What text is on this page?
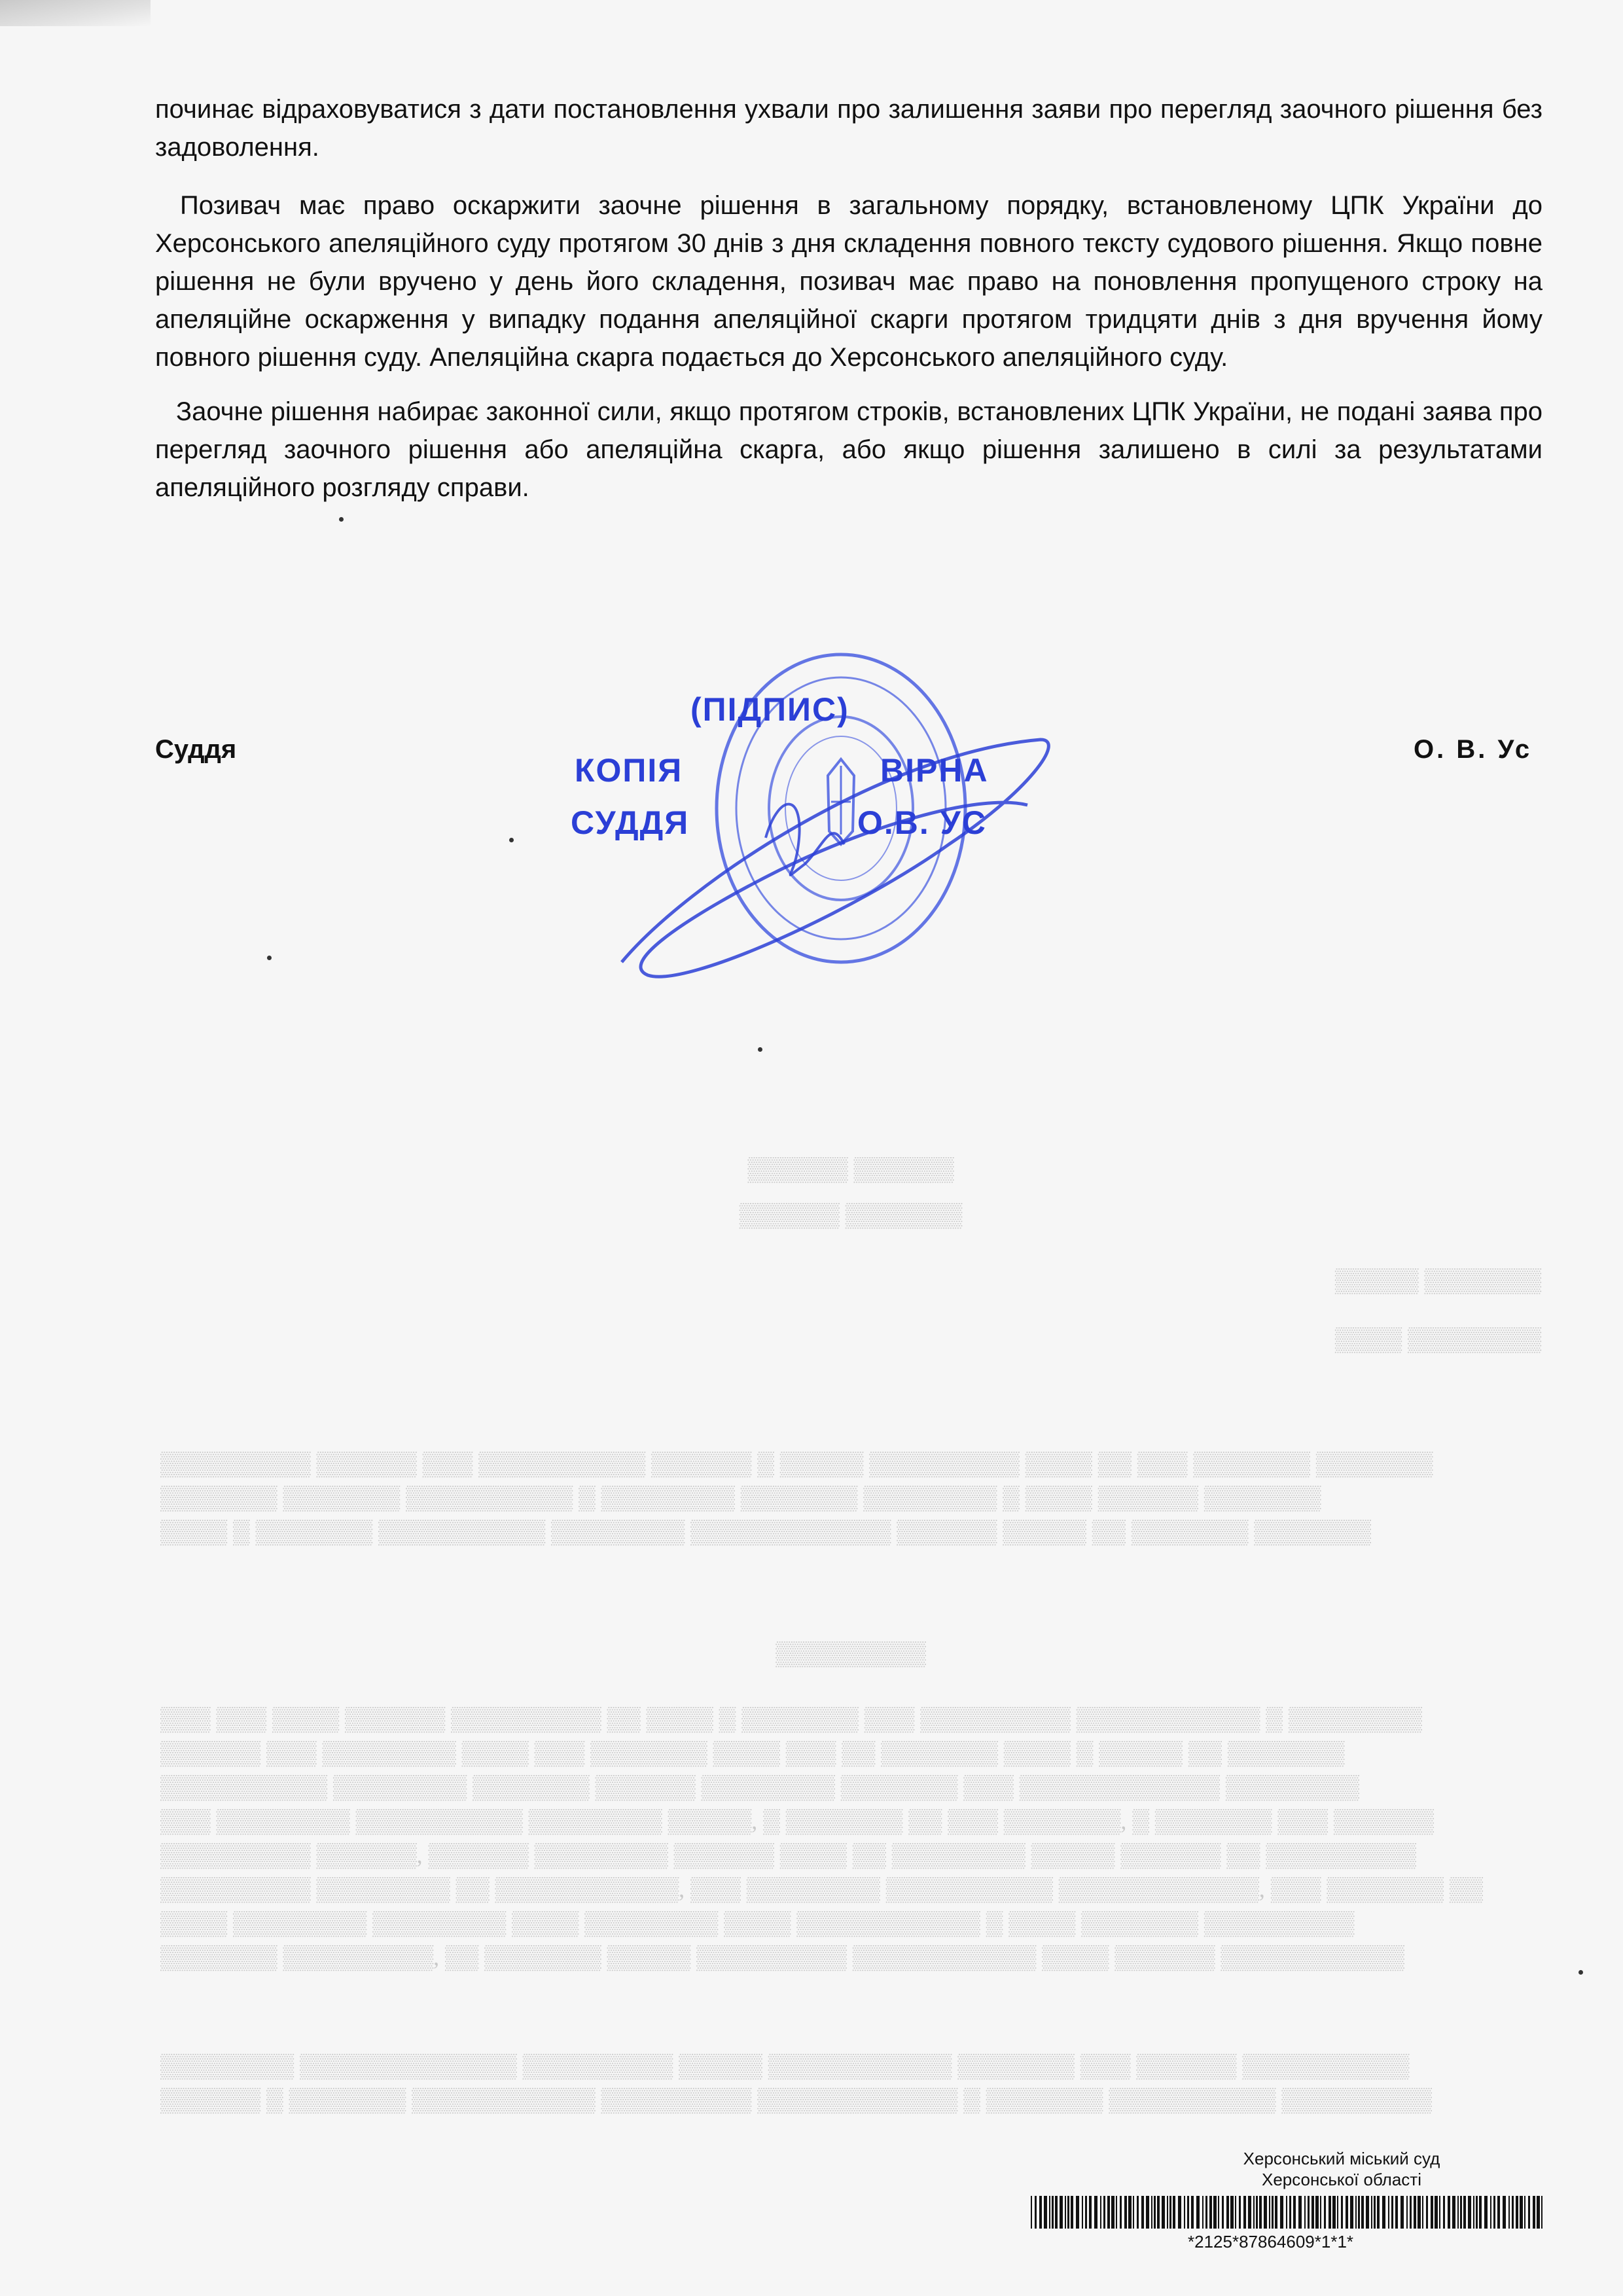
▒▒▒▒▒▒ ▒▒▒▒▒▒

▒▒▒▒▒▒ ▒▒▒▒▒▒▒

▒▒▒▒▒ ▒▒▒▒▒▒▒

▒▒▒▒ ▒▒▒▒▒▒▒▒

▒▒▒▒▒▒▒▒▒ ▒▒▒▒▒▒ ▒▒▒ ▒▒▒▒▒▒▒▒▒▒ ▒▒▒▒▒▒ ▒ ▒▒▒▒▒ ▒▒▒▒▒▒▒▒▒ ▒▒▒▒ ▒▒ ▒▒▒ ▒▒▒▒▒▒▒ ▒▒▒▒▒▒▒

▒▒▒▒▒▒▒ ▒▒▒▒▒▒▒ ▒▒▒▒▒▒▒▒▒▒ ▒ ▒▒▒▒▒▒▒▒ ▒▒▒▒▒▒▒ ▒▒▒▒▒▒▒▒ ▒ ▒▒▒▒ ▒▒▒▒▒▒ ▒▒▒▒▒▒▒

▒▒▒▒ ▒ ▒▒▒▒▒▒▒ ▒▒▒▒▒▒▒▒▒▒ ▒▒▒▒▒▒▒▒ ▒▒▒▒▒▒▒▒▒▒▒▒ ▒▒▒▒▒▒ ▒▒▒▒▒ ▒▒ ▒▒▒▒▒▒▒ ▒▒▒▒▒▒▒

▒▒▒▒▒▒▒▒▒

▒▒▒ ▒▒▒ ▒▒▒▒ ▒▒▒▒▒▒ ▒▒▒▒▒▒▒▒▒ ▒▒ ▒▒▒▒ ▒ ▒▒▒▒▒▒▒ ▒▒▒ ▒▒▒▒▒▒▒▒▒ ▒▒▒▒▒▒▒▒▒▒▒ ▒ ▒▒▒▒▒▒▒▒

▒▒▒▒▒▒ ▒▒▒ ▒▒▒▒▒▒▒▒ ▒▒▒▒ ▒▒▒ ▒▒▒▒▒▒▒ ▒▒▒▒ ▒▒▒ ▒▒ ▒▒▒▒▒▒▒ ▒▒▒▒ ▒ ▒▒▒▒▒ ▒▒ ▒▒▒▒▒▒▒

▒▒▒▒▒▒▒▒▒▒ ▒▒▒▒▒▒▒▒ ▒▒▒▒▒▒▒ ▒▒▒▒▒▒ ▒▒▒▒▒▒▒▒ ▒▒▒▒▒▒▒ ▒▒▒ ▒▒▒▒▒▒▒▒▒▒▒▒ ▒▒▒▒▒▒▒▒

▒▒▒ ▒▒▒▒▒▒▒▒ ▒▒▒▒▒▒▒▒▒▒ ▒▒▒▒▒▒▒▒ ▒▒▒▒▒, ▒ ▒▒▒▒▒▒▒ ▒▒ ▒▒▒ ▒▒▒▒▒▒▒, ▒ ▒▒▒▒▒▒▒ ▒▒▒ ▒▒▒▒▒▒

▒▒▒▒▒▒▒▒▒ ▒▒▒▒▒▒, ▒▒▒▒▒▒ ▒▒▒▒▒▒▒▒ ▒▒▒▒▒▒ ▒▒▒▒ ▒▒ ▒▒▒▒▒▒▒▒ ▒▒▒▒▒ ▒▒▒▒▒▒ ▒▒ ▒▒▒▒▒▒▒▒▒

▒▒▒▒▒▒▒▒▒ ▒▒▒▒▒▒▒▒ ▒▒ ▒▒▒▒▒▒▒▒▒▒▒, ▒▒▒ ▒▒▒▒▒▒▒▒ ▒▒▒▒▒▒▒▒▒▒ ▒▒▒▒▒▒▒▒▒▒▒▒, ▒▒▒ ▒▒▒▒▒▒▒ ▒▒

▒▒▒▒ ▒▒▒▒▒▒▒▒ ▒▒▒▒▒▒▒▒ ▒▒▒▒ ▒▒▒▒▒▒▒▒ ▒▒▒▒ ▒▒▒▒▒▒▒▒▒▒▒ ▒ ▒▒▒▒ ▒▒▒▒▒▒▒ ▒▒▒▒▒▒▒▒▒

▒▒▒▒▒▒▒ ▒▒▒▒▒▒▒▒▒, ▒▒ ▒▒▒▒▒▒▒ ▒▒▒▒▒ ▒▒▒▒▒▒▒▒▒ ▒▒▒▒▒▒▒▒▒▒▒ ▒▒▒▒ ▒▒▒▒▒▒ ▒▒▒▒▒▒▒▒▒▒▒

▒▒▒▒▒▒▒▒ ▒▒▒▒▒▒▒▒▒▒▒▒▒ ▒▒▒▒▒▒▒▒▒ ▒▒▒▒▒ ▒▒▒▒▒▒▒▒▒▒▒ ▒▒▒▒▒▒▒ ▒▒▒ ▒▒▒▒▒▒ ▒▒▒▒▒▒▒▒▒▒

▒▒▒▒▒▒ ▒ ▒▒▒▒▒▒▒ ▒▒▒▒▒▒▒▒▒▒▒ ▒▒▒▒▒▒▒▒▒ ▒▒▒▒▒▒▒▒▒▒▒▒ ▒ ▒▒▒▒▒▒▒ ▒▒▒▒▒▒▒▒▒▒ ▒▒▒▒▒▒▒▒▒

починає відраховуватися з дати постановлення ухвали про залишення заяви про перегляд заочного рішення без задоволення.

Позивач має право оскаржити заочне рішення в загальному порядку, встановленому ЦПК України до Херсонського апеляційного суду протягом 30 днів з дня складення повного тексту судового рішення. Якщо повне рішення не були вручено у день його складення, позивач має право на поновлення пропущеного строку на апеляційне оскарження у випадку подання апеляційної скарги протягом тридцяти днів з дня вручення йому повного рішення суду. Апеляційна скарга подається до Херсонського апеляційного суду.

Заочне рішення набирає законної сили, якщо протягом строків, встановлених ЦПК України, не подані заява про перегляд заочного рішення або апеляційна скарга, або якщо рішення залишено в силі за результатами апеляційного розгляду справи.

Суддя	О. В. Ус

(ПІДПИС)

КОПІЯ	ВІРНА

СУДДЯ	О.В. УС

Херсонський міський суд
Херсонської області

*2125*87864609*1*1*
